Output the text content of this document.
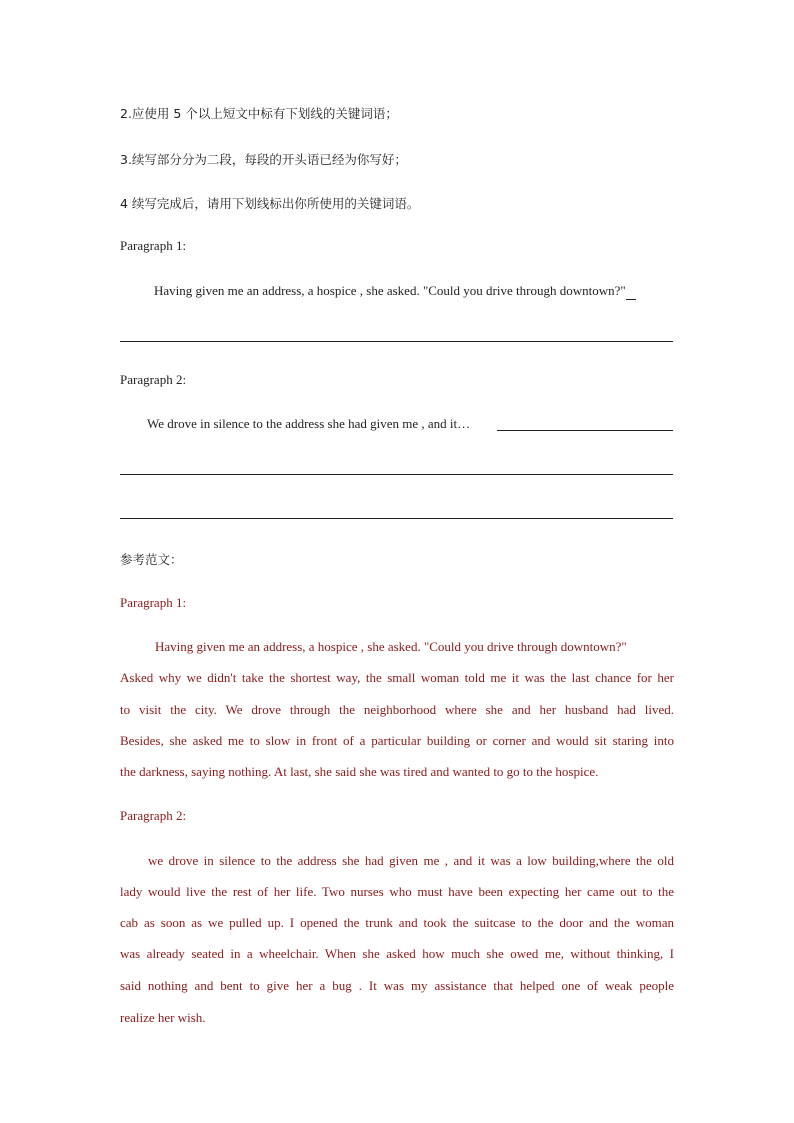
2.应使用 5 个以上短文中标有下划线的关键词语；
3.续写部分分为二段，每段的开头语已经为你写好；
4 续写完成后，请用下划线标出你所使用的关键词语。
Paragraph 1:
Having given me an address, a hospice , she asked. "Could you drive through downtown?"
Paragraph 2:
We drove in silence to the address she had given me , and it…
参考范文：
Paragraph 1:
Having given me an address, a hospice , she asked. "Could you drive through downtown?"
Asked why we didn't take the shortest way, the small woman told me it was the last chance for her
to visit the city. We drove through the neighborhood where she and her husband had lived.
Besides, she asked me to slow in front of a particular building or corner and would sit staring into
the darkness, saying nothing. At last, she said she was tired and wanted to go to the hospice.
Paragraph 2:
we drove in silence to the address she had given me , and it was a low building,where the old
lady would live the rest of her life. Two nurses who must have been expecting her came out to the
cab as soon as we pulled up. I opened the trunk and took the suitcase to the door and the woman
was already seated in a wheelchair. When she asked how much she owed me, without thinking, I
said nothing and bent to give her a bug . It was my assistance that helped one of weak people
realize her wish.
